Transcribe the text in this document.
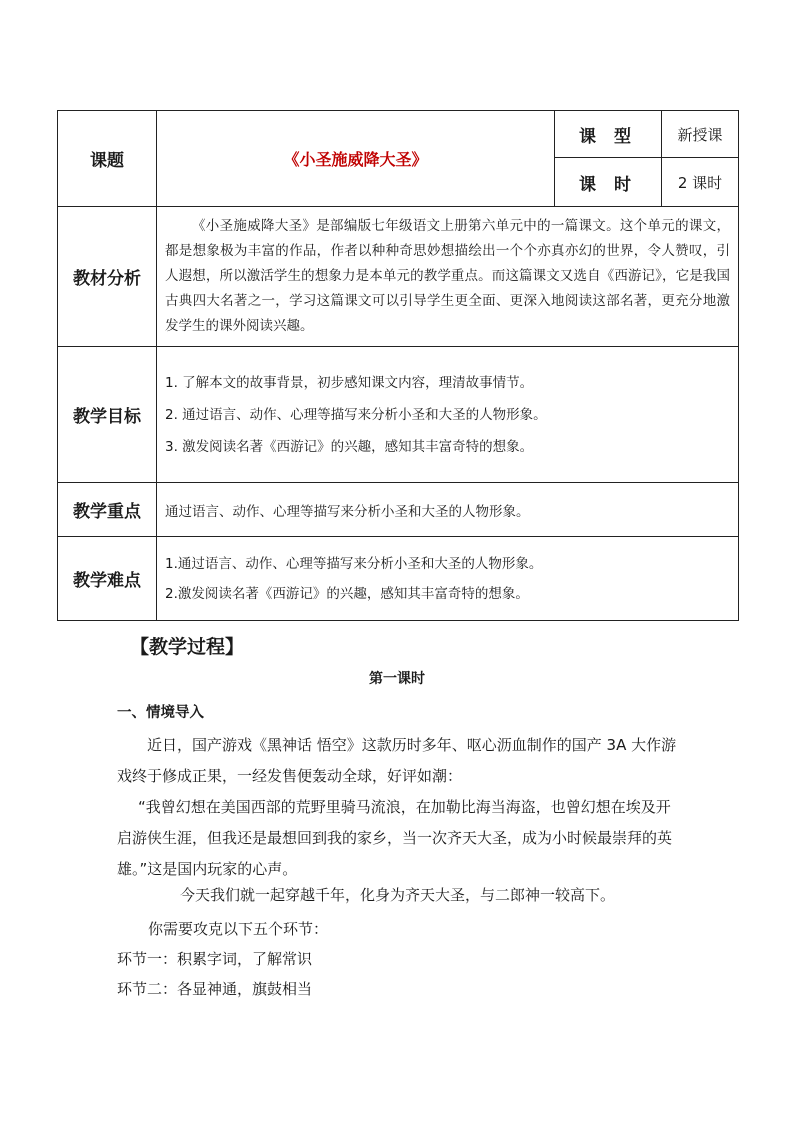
课题	《小圣施威降大圣》	课 型	新授课
		课 时	2 课时
教材分析	《小圣施威降大圣》是部编版七年级语文上册第六单元中的一篇课文。这个单元的课文，都是想象极为丰富的作品，作者以种种奇思妙想描绘出一个个亦真亦幻的世界，令人赞叹，引人遐想，所以激活学生的想象力是本单元的教学重点。而这篇课文又选自《西游记》，它是我国古典四大名著之一，学习这篇课文可以引导学生更全面、更深入地阅读这部名著，更充分地激发学生的课外阅读兴趣。		

教学目标	1. 了解本文的故事背景，初步感知课文内容，理清故事情节。
2. 通过语言、动作、心理等描写来分析小圣和大圣的人物形象。
3. 激发阅读名著《西游记》的兴趣，感知其丰富奇特的想象。		

教学重点	通过语言、动作、心理等描写来分析小圣和大圣的人物形象。		
教学难点	1.通过语言、动作、心理等描写来分析小圣和大圣的人物形象。
2.激发阅读名著《西游记》的兴趣，感知其丰富奇特的想象。		
【教学过程】
第一课时
一、情境导入
近日，国产游戏《黑神话 悟空》这款历时多年、呕心沥血制作的国产 3A 大作游戏终于修成正果，一经发售便轰动全球，好评如潮：
“我曾幻想在美国西部的荒野里骑马流浪，在加勒比海当海盗，也曾幻想在埃及开启游侠生涯，但我还是最想回到我的家乡，当一次齐天大圣，成为小时候最崇拜的英雄。”这是国内玩家的心声。
今天我们就一起穿越千年，化身为齐天大圣，与二郎神一较高下。
你需要攻克以下五个环节：
环节一：积累字词，了解常识
环节二：各显神通，旗鼓相当
